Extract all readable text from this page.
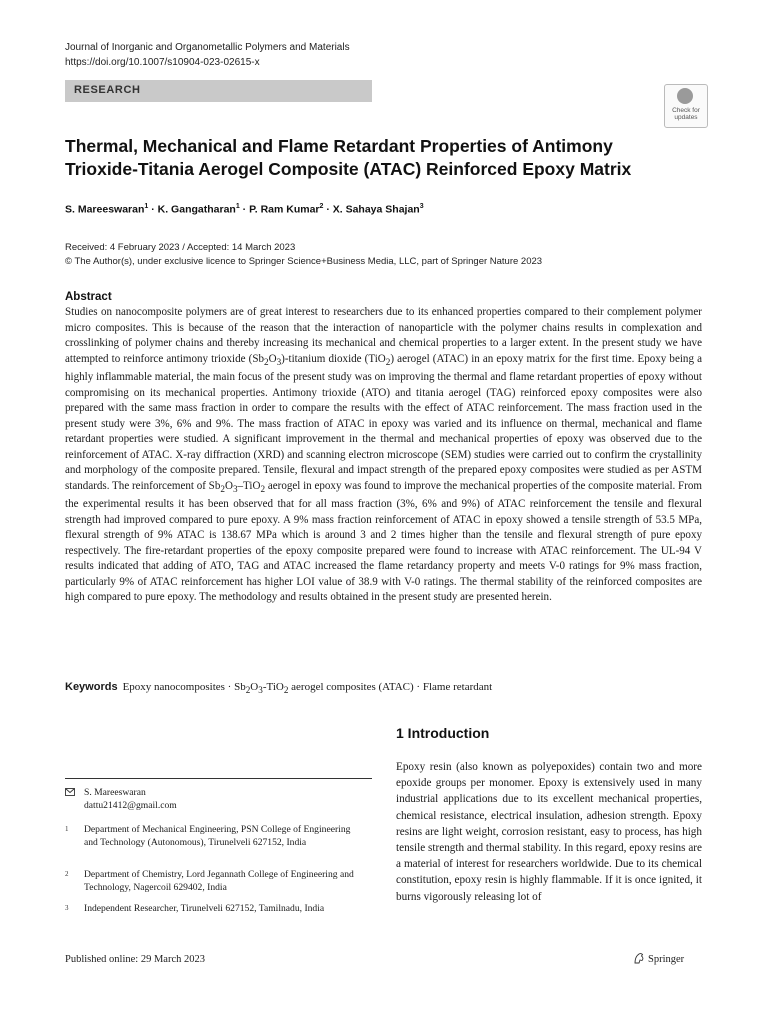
Journal of Inorganic and Organometallic Polymers and Materials
https://doi.org/10.1007/s10904-023-02615-x
RESEARCH
Check for
updates
Thermal, Mechanical and Flame Retardant Properties of Antimony
Trioxide-Titania Aerogel Composite (ATAC) Reinforced Epoxy Matrix
S. Mareeswaran$^1$ · K. Gangatharan$^1$ · P. Ram Kumar$^2$ · X. Sahaya Shajan$^3$
Received: 4 February 2023 / Accepted: 14 March 2023
© The Author(s), under exclusive licence to Springer Science+Business Media, LLC, part of Springer Nature 2023
Abstract
Studies on nanocomposite polymers are of great interest to researchers due to its enhanced properties compared to their complement polymer micro composites. This is because of the reason that the interaction of nanoparticle with the polymer chains results in complexation and crosslinking of polymer chains and thereby increasing its mechanical and chemical properties to a larger extent. In the present study we have attempted to reinforce antimony trioxide $(Sb_2O_3)$-titanium dioxide (TiO$_2$) aerogel (ATAC) in an epoxy matrix for the first time. Epoxy being a highly inflammable material, the main focus of the present study was on improving the thermal and flame retardant properties of epoxy without compromising on its mechanical properties. Antimony trioxide (ATO) and titania aerogel (TAG) reinforced epoxy composites were also prepared with the same mass fraction in order to compare the results with the effect of ATAC reinforcement. The mass fraction used in the present study were 3%, 6% and 9%. The mass fraction of ATAC in epoxy was varied and its influence on thermal, mechanical and flame retardant properties were studied. A significant improvement in the thermal and mechanical properties of epoxy was observed due to the reinforcement of ATAC. X-ray diffraction (XRD) and scanning electron microscope (SEM) studies were carried out to confirm the crystallinity and morphology of the composite prepared. Tensile, flexural and impact strength of the prepared epoxy composites were studied as per ASTM standards. The reinforcement of $Sb_2O_3-TiO_2$ aerogel in epoxy was found to improve the mechanical properties of the composite material. From the experimental results it has been observed that for all mass fraction (3%, 6% and 9%) of ATAC reinforcement the tensile and flexural strength had improved compared to pure epoxy. A 9% mass fraction reinforcement of ATAC in epoxy showed a tensile strength of 53.5 MPa, flexural strength of 9% ATAC is 138.67 MPa which is around 3 and 2 times higher than the tensile and flexural strength of pure epoxy respectively. The fire-retardant properties of the epoxy composite prepared were found to increase with ATAC reinforcement. The UL-94 V results indicated that adding of ATO, TAG and ATAC increased the flame retardancy property and meets V-0 ratings for 9% mass fraction, particularly 9% of ATAC reinforcement has higher LOI value of 38.9 with V-0 ratings. The thermal stability of the reinforced composites are high compared to pure epoxy. The methodology and results obtained in the present study are presented herein.
Keywords Epoxy nanocomposites · $Sb_2O_3-TiO_2$ aerogel composites (ATAC) · Flame retardant
1 Introduction
Epoxy resin (also known as polyepoxides) contain two and more epoxide groups per monomer. Epoxy is extensively used in many industrial applications due to its excellent mechanical properties, chemical resistance, electrical insulation, adhesion strength. Epoxy resins are light weight, corrosion resistant, easy to process, has high tensile strength and thermal stability. In this regard, epoxy resins are a material of interest for researchers worldwide. Due to its chemical constitution, epoxy resin is highly flammable. If it is once ignited, it burns vigorously releasing lot of
S. Mareeswaran
dattu21412@gmail.com
1 Department of Mechanical Engineering, PSN College of Engineering and Technology (Autonomous), Tirunelveli 627152, India
2 Department of Chemistry, Lord Jegannath College of Engineering and Technology, Nagercoil 629402, India
3 Independent Researcher, Tirunelveli 627152, Tamilnadu, India
Published online: 29 March 2023	Springer
